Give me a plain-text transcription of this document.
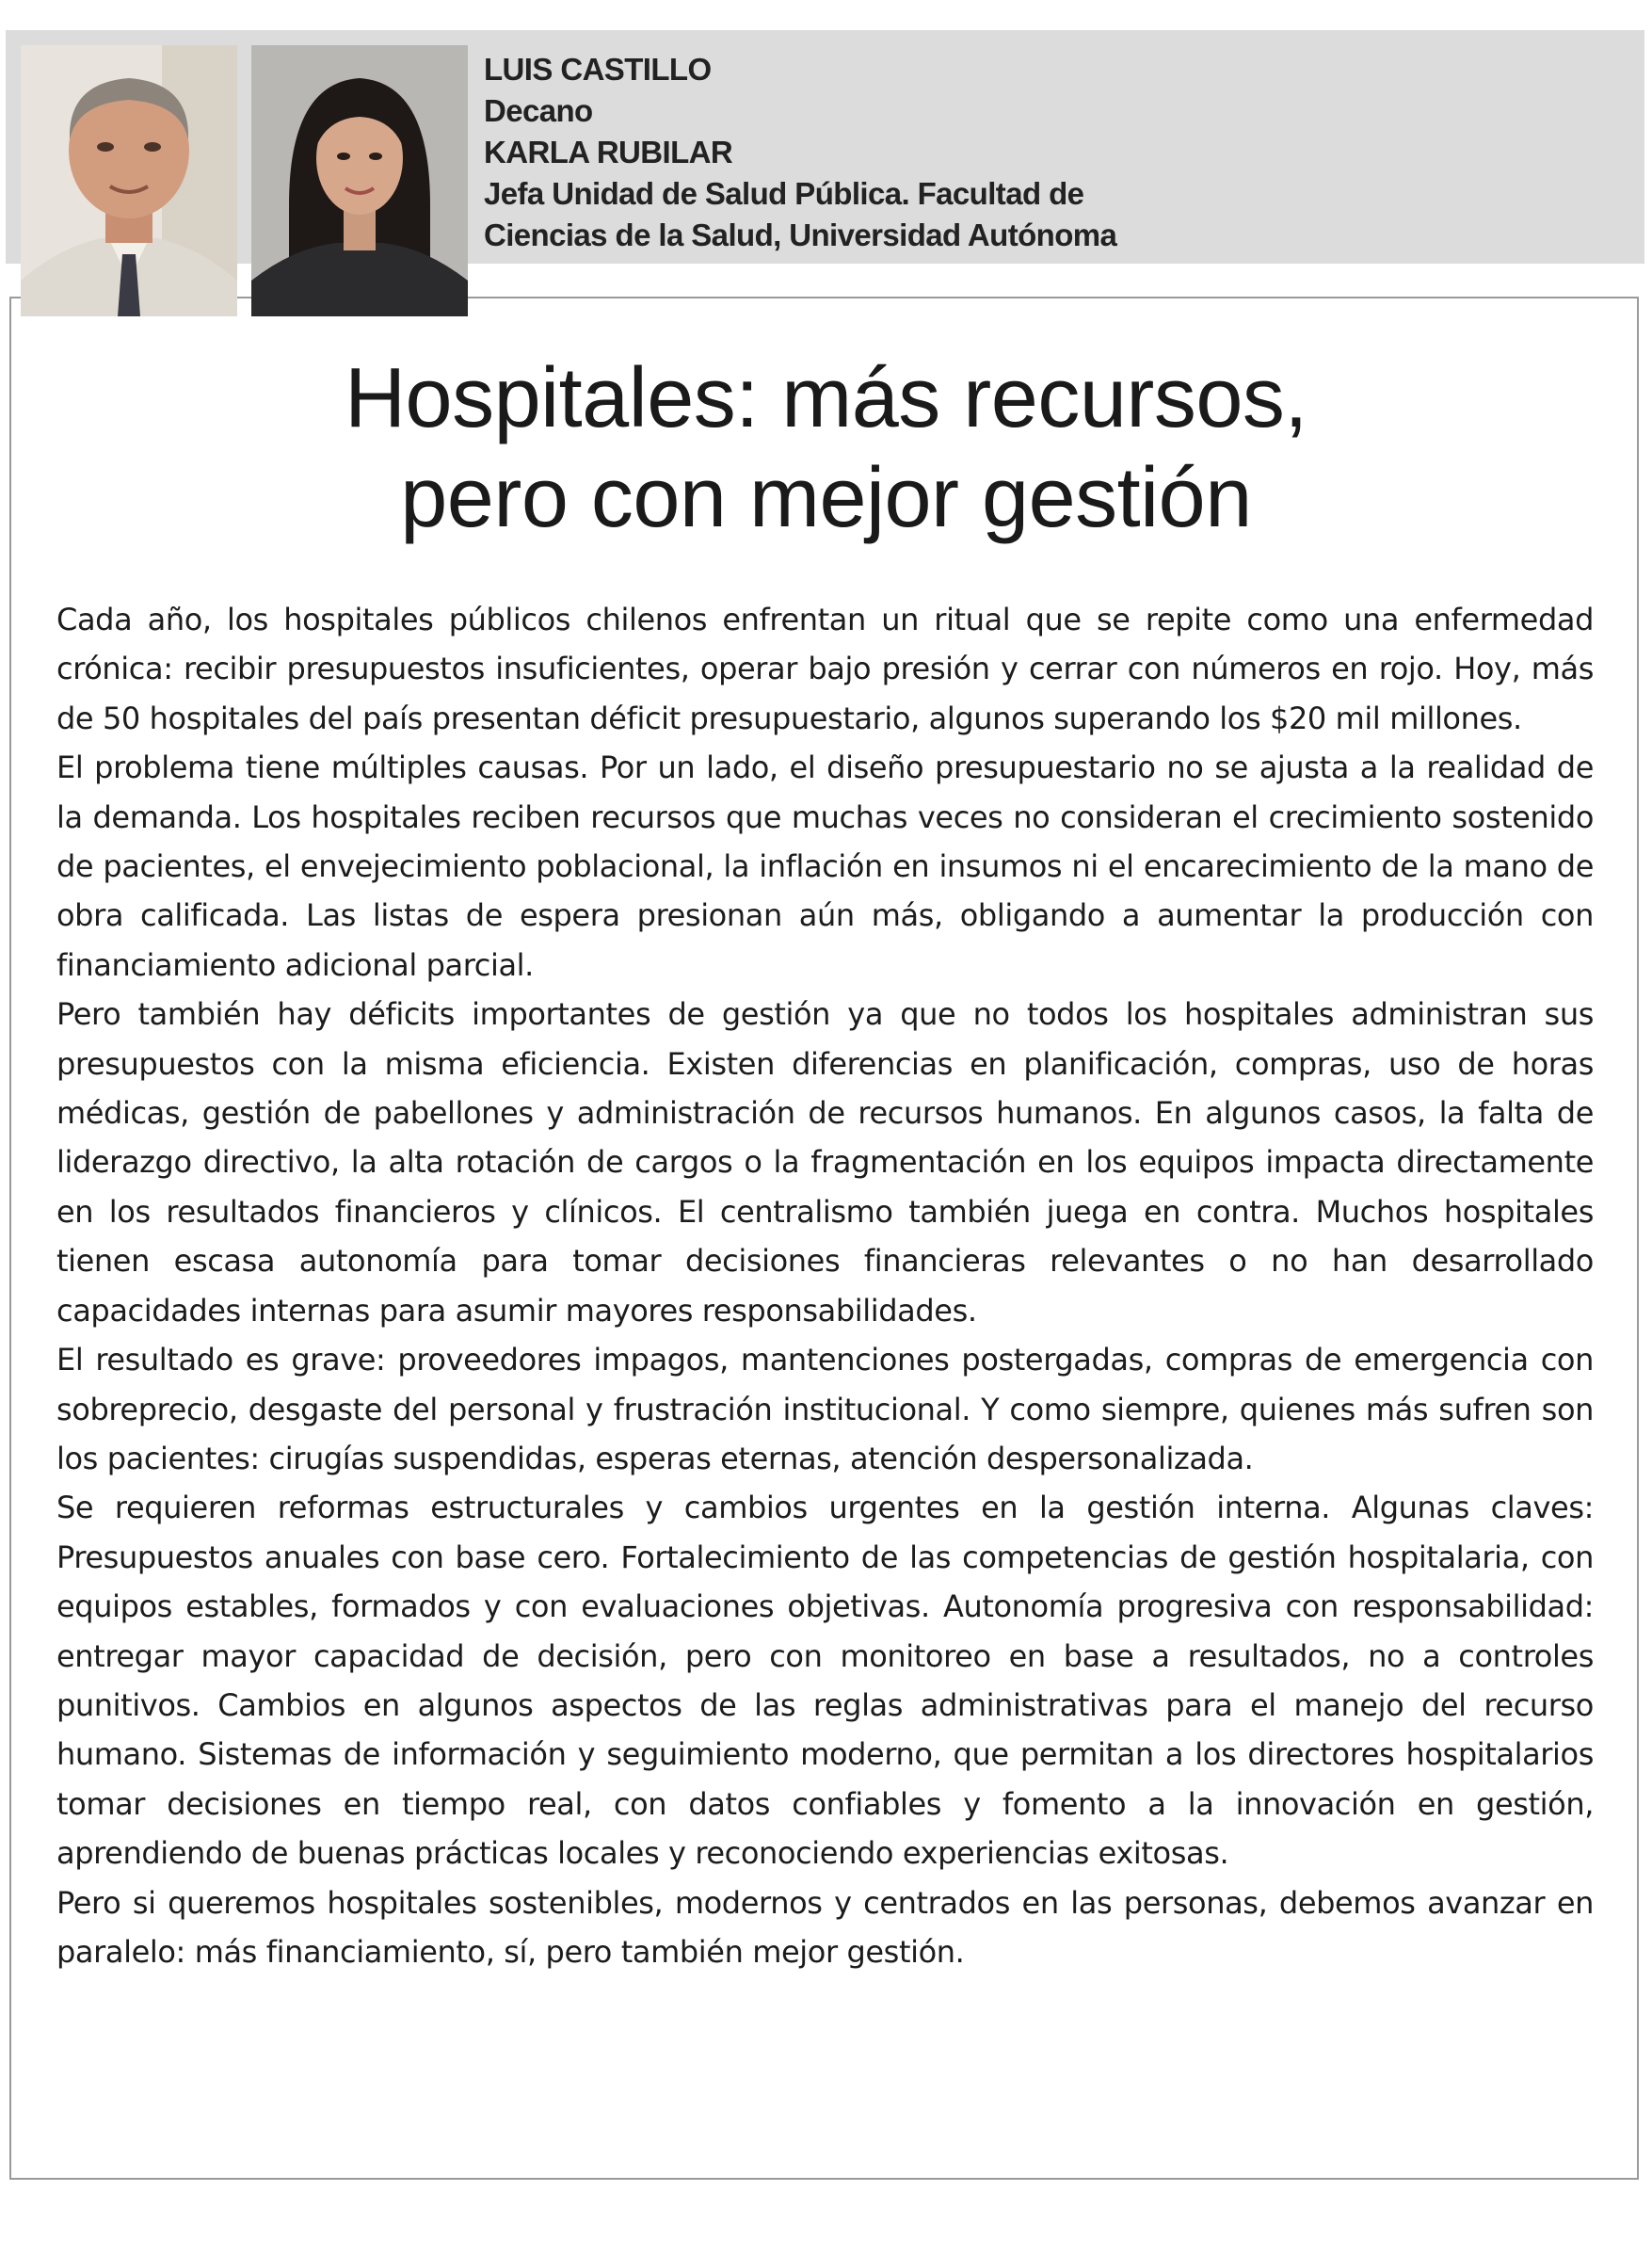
LUIS CASTILLO
Decano
KARLA RUBILAR
Jefa Unidad de Salud Pública. Facultad de
Ciencias de la Salud, Universidad Autónoma
Hospitales: más recursos,
pero con mejor gestión

Cada año, los hospitales públicos chilenos enfrentan un ritual que se repite como una enfermedad crónica: recibir presupuestos insuficientes, operar bajo presión y cerrar con números en rojo. Hoy, más de 50 hospitales del país presentan déficit presupuestario, algunos superando los $20 mil millones.

El problema tiene múltiples causas. Por un lado, el diseño presupuestario no se ajusta a la realidad de la demanda. Los hospitales reciben recursos que muchas veces no consideran el crecimiento sostenido de pacientes, el envejecimiento poblacional, la inflación en insumos ni el encarecimiento de la mano de obra calificada. Las listas de espera presionan aún más, obligando a aumentar la producción con financiamiento adicional parcial.

Pero también hay déficits importantes de gestión ya que no todos los hospitales administran sus presupuestos con la misma eficiencia. Existen diferencias en planificación, compras, uso de horas médicas, gestión de pabellones y administración de recursos humanos. En algunos casos, la falta de liderazgo directivo, la alta rotación de cargos o la fragmentación en los equipos impacta directamente en los resultados financieros y clínicos. El centralismo también juega en contra. Muchos hospitales tienen escasa autonomía para tomar decisiones financieras relevantes o no han desarrollado capacidades internas para asumir mayores responsabilidades.

El resultado es grave: proveedores impagos, mantenciones postergadas, compras de emergencia con sobreprecio, desgaste del personal y frustración institucional. Y como siempre, quienes más sufren son los pacientes: cirugías suspendidas, esperas eternas, atención despersonalizada.

Se requieren reformas estructurales y cambios urgentes en la gestión interna. Algunas claves: Presupuestos anuales con base cero. Fortalecimiento de las competencias de gestión hospitalaria, con equipos estables, formados y con evaluaciones objetivas. Autonomía progresiva con responsabilidad: entregar mayor capacidad de decisión, pero con monitoreo en base a resultados, no a controles punitivos. Cambios en algunos aspectos de las reglas administrativas para el manejo del recurso humano. Sistemas de información y seguimiento moderno, que permitan a los directores hospitalarios tomar decisiones en tiempo real, con datos confiables y fomento a la innovación en gestión, aprendiendo de buenas prácticas locales y reconociendo experiencias exitosas.

Pero si queremos hospitales sostenibles, modernos y centrados en las personas, debemos avanzar en paralelo: más financiamiento, sí, pero también mejor gestión.
